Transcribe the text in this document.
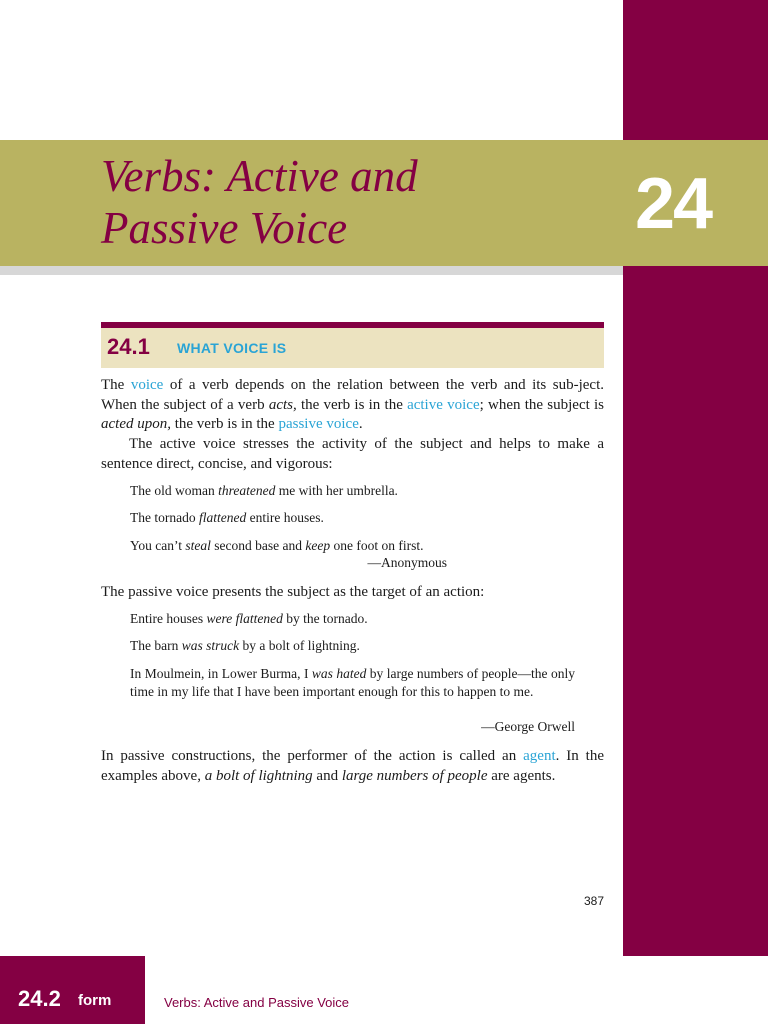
Verbs: Active and
Passive Voice	24
24.1 WHAT VOICE IS

The voice of a verb depends on the relation between the verb and its sub-ject. When the subject of a verb acts, the verb is in the active voice; when the subject is acted upon, the verb is in the passive voice.

The active voice stresses the activity of the subject and helps to make a sentence direct, concise, and vigorous:

The old woman threatened me with her umbrella.

The tornado flattened entire houses.

You can’t steal second base and keep one foot on first.

—Anonymous

The passive voice presents the subject as the target of an action:

Entire houses were flattened by the tornado.

The barn was struck by a bolt of lightning.

In Moulmein, in Lower Burma, I was hated by large numbers of people—the only time in my life that I have been important enough for this to happen to me.

—George Orwell

In passive constructions, the performer of the action is called an agent. In the examples above, a bolt of lightning and large numbers of people are agents.

387
24.2 form	Verbs: Active and Passive Voice
